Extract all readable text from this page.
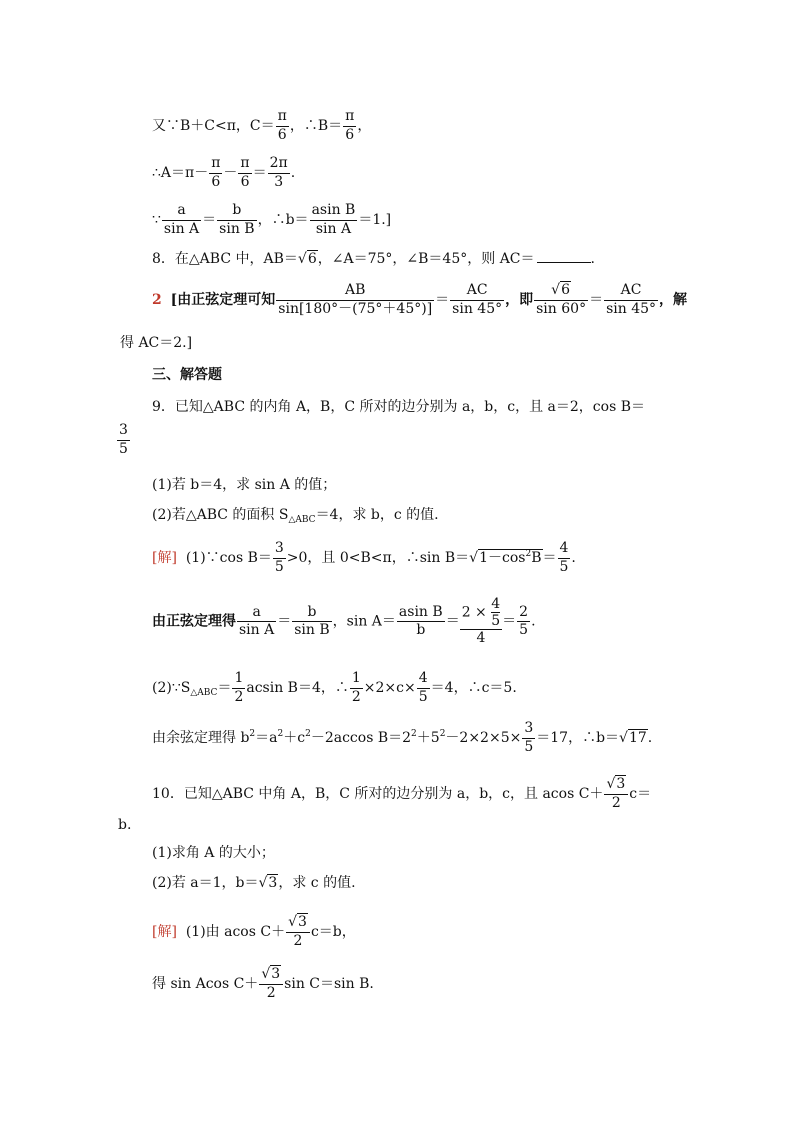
又∵B＋C<π，$C= \frac{\pi}{6}$ ，∴B＝ $\frac{\pi}{6}$ ，
∴A＝π－ $\frac{\pi}{6} - \frac{\pi}{6} = \frac{2\pi}{3}$ .
∵ $\frac{a}{\text{sin A}} = \frac{b}{\text{sin B}}$ ，∴b＝ $\frac{\text{asin B}}{\text{sin A}} =1$.]
8．在△ABC 中，AB＝√6，∠A＝75°，∠B＝45°，则 AC＝	.
2 [由正弦定理可知 $\frac{AB}{\sin[180^\circ-(75^\circ+45^\circ)]} = \frac{AC}{\sin 45^\circ}$ ，即 $\frac{√6}{\sin 60^\circ} = \frac{AC}{\sin 45^\circ}$ ，解
得 AC＝2.]
三、解答题
9．已知△ABC 的内角 A，B，C 所对的边分别为 a，b，c，且 a＝2，cos B＝
$\frac{3}{5}$
(1)若 b＝4，求 sin A 的值；
(2)若△ABC 的面积 $S_{\triangle ABC}=4$，求 b，c 的值.
[解] (1)∵cos $B= \frac{3}{5} >0$，且 0<B<π，∴sin $B=√1-\cos^2B= \frac{4}{5}$ .
由正弦定理得 $\frac{a}{\text{sin A}} = \frac{b}{\text{sin B}}$ ，$\sin A= \frac{\text{asin B}}{b} = \frac{2 \times \frac{4}{5}}{4} = \frac{2}{5}$ .
$(2)\because S_{\triangle ABC}= \frac{1}{2}$ acsin B＝4，∴ $\frac{1}{2} \times 2\times c\times \frac{4}{5} =4$，∴c＝5.
由余弦定理得 $b^2=a^2+c^2-2accos$ $B=2^2+5^2-2\times 2\times 5\times \frac{3}{5} =17$，∴b＝√17.
10．已知△ABC 中角 A，B，C 所对的边分别为 a，b，c，且 acos $C+ \frac{√3}{2} c=$
b.
(1)求角 A 的大小；
(2)若 a＝1，b＝√3，求 c 的值.
[解] (1)由 acos $C+ \frac{√3}{2} c=b$，
得 sin Acos $C+ \frac{√3}{2}$ sin C＝sin B.
